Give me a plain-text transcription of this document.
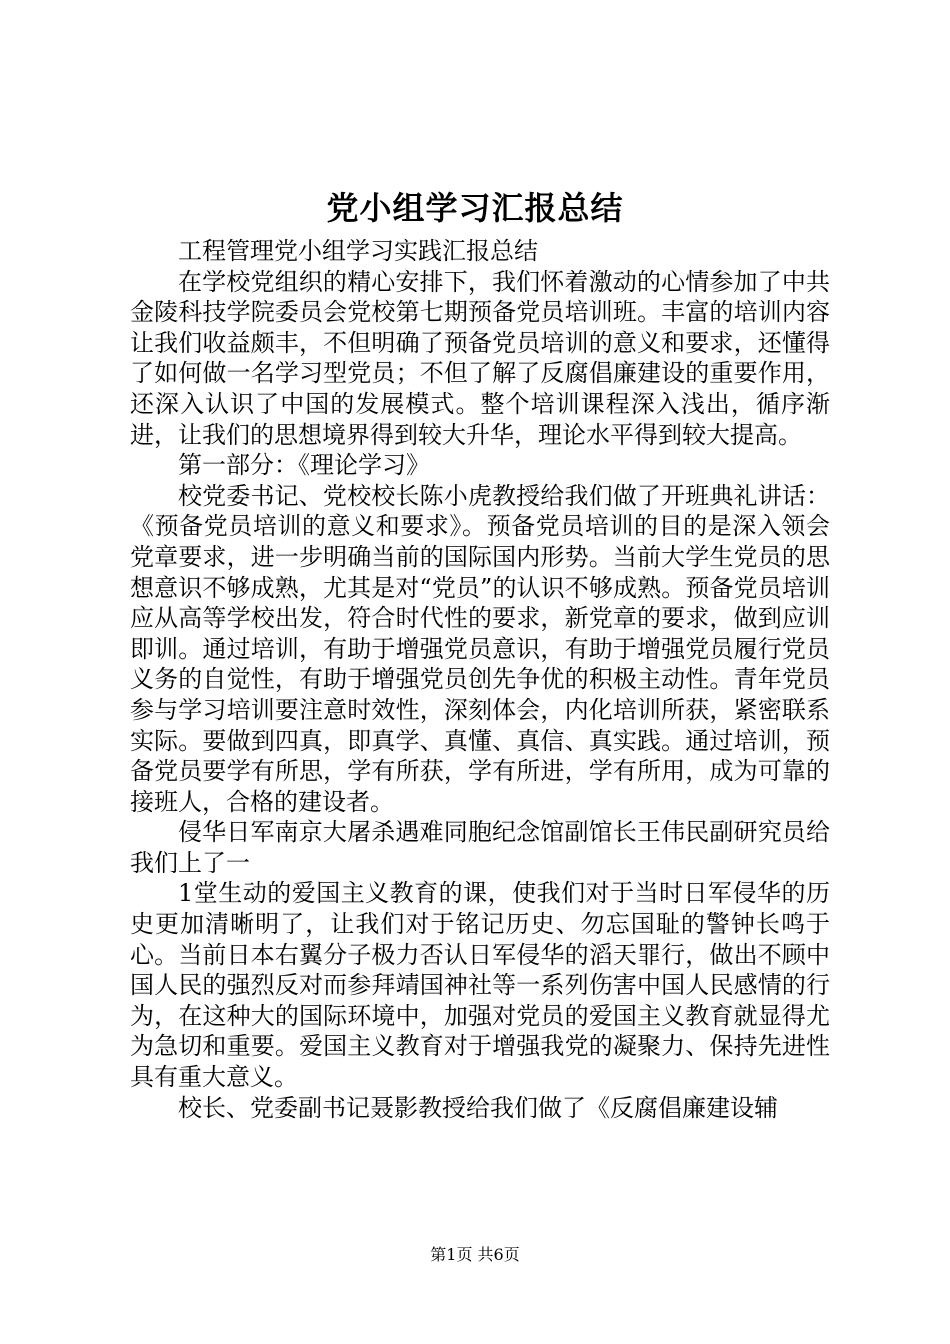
党小组学习汇报总结

工程管理党小组学习实践汇报总结

在学校党组织的精心安排下，我们怀着激动的心情参加了中共金陵科技学院委员会党校第七期预备党员培训班。丰富的培训内容让我们收益颇丰，不但明确了预备党员培训的意义和要求，还懂得了如何做一名学习型党员；不但了解了反腐倡廉建设的重要作用，还深入认识了中国的发展模式。整个培训课程深入浅出，循序渐进，让我们的思想境界得到较大升华，理论水平得到较大提高。

第一部分：《理论学习》

校党委书记、党校校长陈小虎教授给我们做了开班典礼讲话：《预备党员培训的意义和要求》。预备党员培训的目的是深入领会党章要求，进一步明确当前的国际国内形势。当前大学生党员的思想意识不够成熟，尤其是对“党员”的认识不够成熟。预备党员培训应从高等学校出发，符合时代性的要求，新党章的要求，做到应训即训。通过培训，有助于增强党员意识，有助于增强党员履行党员义务的自觉性，有助于增强党员创先争优的积极主动性。青年党员参与学习培训要注意时效性，深刻体会，内化培训所获，紧密联系实际。要做到四真，即真学、真懂、真信、真实践。通过培训，预备党员要学有所思，学有所获，学有所进，学有所用，成为可靠的接班人，合格的建设者。

侵华日军南京大屠杀遇难同胞纪念馆副馆长王伟民副研究员给我们上了一

1堂生动的爱国主义教育的课，使我们对于当时日军侵华的历史更加清晰明了，让我们对于铭记历史、勿忘国耻的警钟长鸣于心。当前日本右翼分子极力否认日军侵华的滔天罪行，做出不顾中国人民的强烈反对而参拜靖国神社等一系列伤害中国人民感情的行为，在这种大的国际环境中，加强对党员的爱国主义教育就显得尤为急切和重要。爱国主义教育对于增强我党的凝聚力、保持先进性具有重大意义。

校长、党委副书记聂影教授给我们做了《反腐倡廉建设辅

第1页 共6页
